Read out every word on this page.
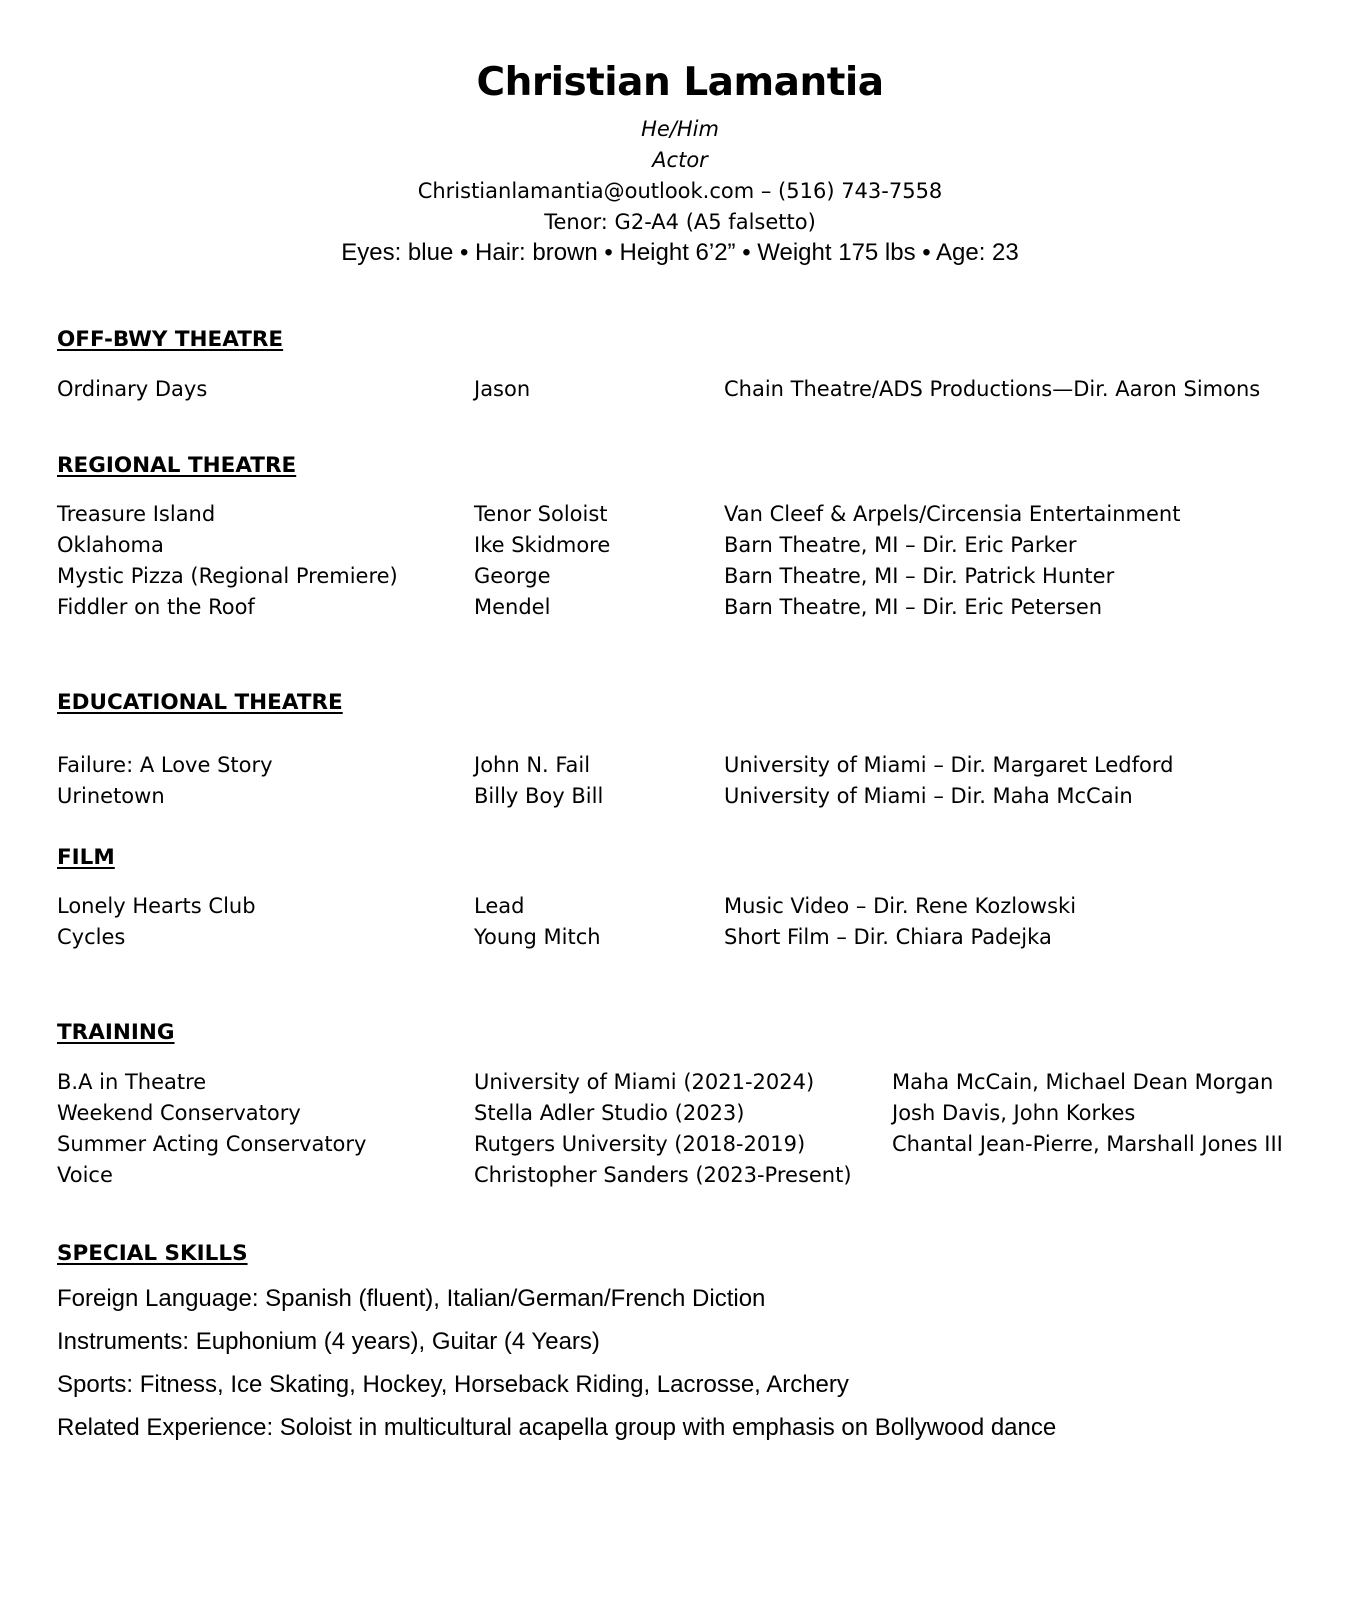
Christian Lamantia
He/Him
Actor
Christianlamantia@outlook.com – (516) 743-7558
Tenor: G2-A4 (A5 falsetto)
Eyes: blue • Hair: brown • Height 6’2” • Weight 175 lbs • Age: 23
OFF-BWY THEATRE
Ordinary Days	Jason	Chain Theatre/ADS Productions—Dir. Aaron Simons
REGIONAL THEATRE
Treasure Island	Tenor Soloist	Van Cleef & Arpels/Circensia Entertainment
Oklahoma	Ike Skidmore	Barn Theatre, MI – Dir. Eric Parker
Mystic Pizza (Regional Premiere)	George	Barn Theatre, MI – Dir. Patrick Hunter
Fiddler on the Roof	Mendel	Barn Theatre, MI – Dir. Eric Petersen
EDUCATIONAL THEATRE
Failure: A Love Story	John N. Fail	University of Miami – Dir. Margaret Ledford
Urinetown	Billy Boy Bill	University of Miami – Dir. Maha McCain
FILM
Lonely Hearts Club	Lead	Music Video – Dir. Rene Kozlowski
Cycles	Young Mitch	Short Film – Dir. Chiara Padejka
TRAINING
B.A in Theatre	University of Miami (2021-2024)	Maha McCain, Michael Dean Morgan
Weekend Conservatory	Stella Adler Studio (2023)	Josh Davis, John Korkes
Summer Acting Conservatory	Rutgers University (2018-2019)	Chantal Jean-Pierre, Marshall Jones III
Voice	Christopher Sanders (2023-Present)
SPECIAL SKILLS
Foreign Language: Spanish (fluent), Italian/German/French Diction
Instruments: Euphonium (4 years), Guitar (4 Years)
Sports: Fitness, Ice Skating, Hockey, Horseback Riding, Lacrosse, Archery
Related Experience: Soloist in multicultural acapella group with emphasis on Bollywood dance
